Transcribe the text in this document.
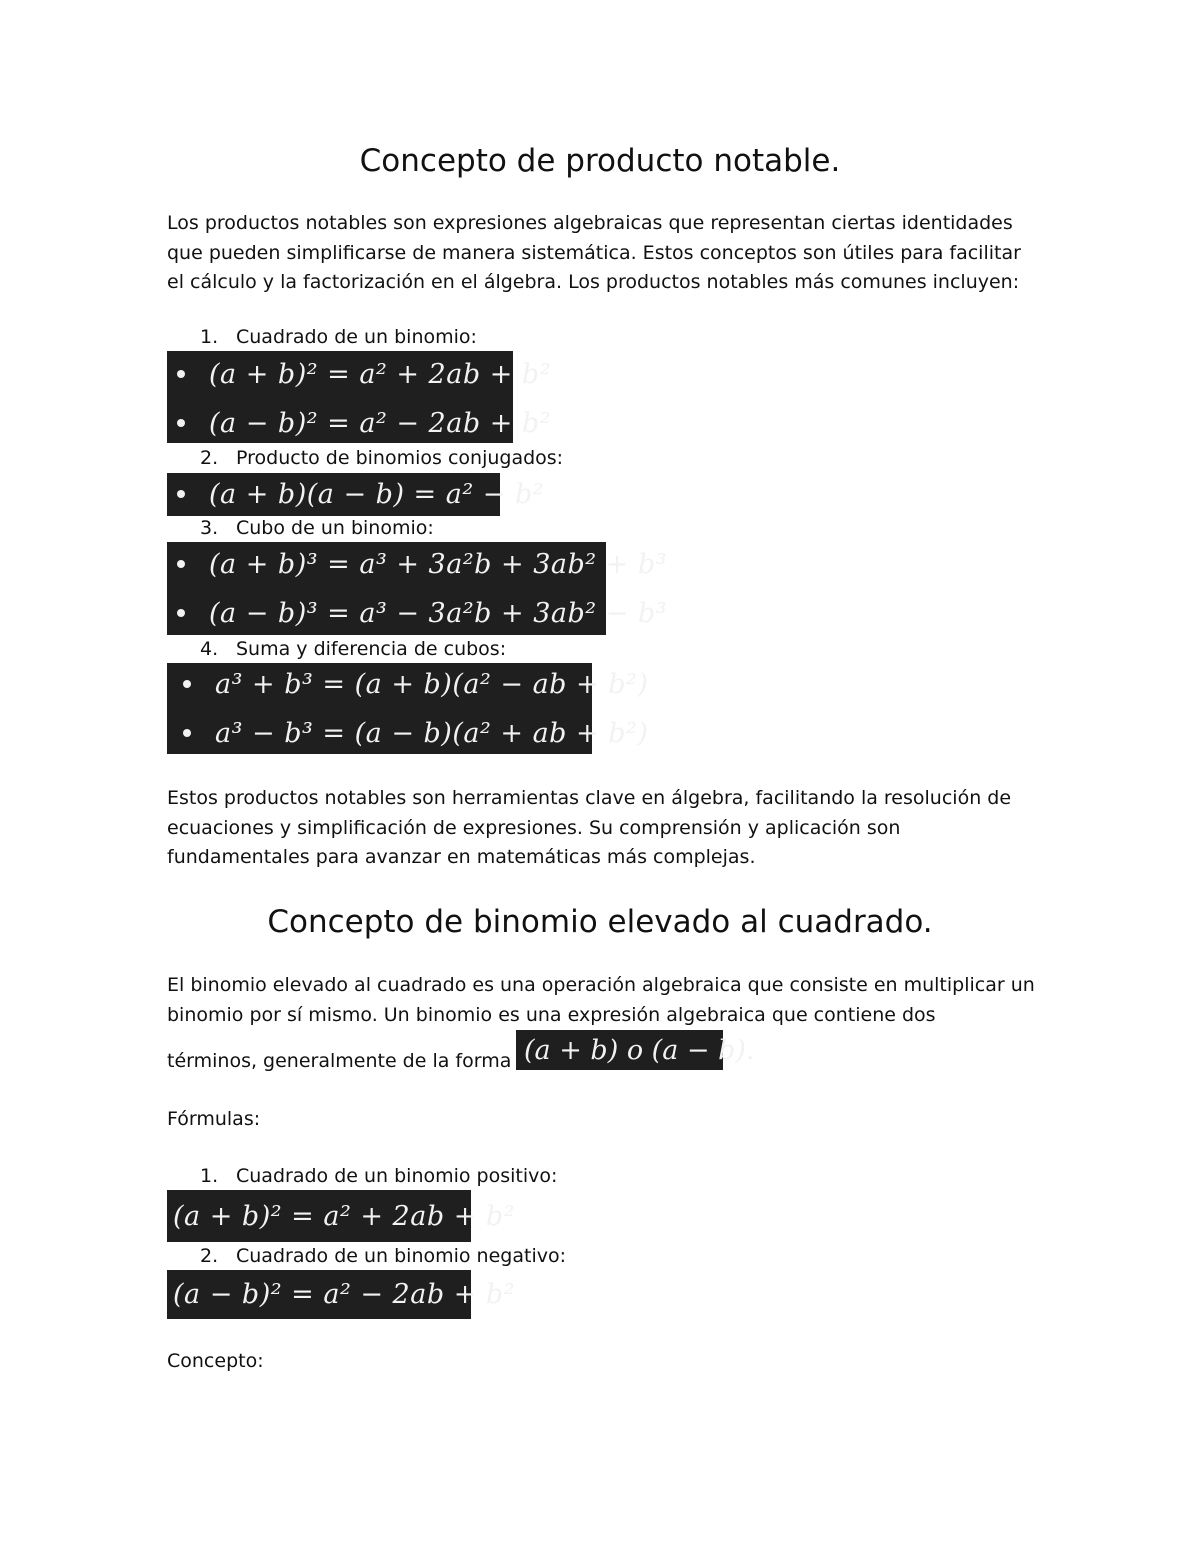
Concepto de producto notable.

Los productos notables son expresiones algebraicas que representan ciertas identidades

que pueden simplificarse de manera sistemática. Estos conceptos son útiles para facilitar

el cálculo y la factorización en el álgebra. Los productos notables más comunes incluyen:

1. Cuadrado de un binomio:
(a + b)² = a² + 2ab + b²
(a − b)² = a² − 2ab + b²
2. Producto de binomios conjugados:
(a + b)(a − b) = a² − b²
3. Cubo de un binomio:
(a + b)³ = a³ + 3a²b + 3ab² + b³
(a − b)³ = a³ − 3a²b + 3ab² − b³
4. Suma y diferencia de cubos:
a³ + b³ = (a + b)(a² − ab + b²)
a³ − b³ = (a − b)(a² + ab + b²)

Estos productos notables son herramientas clave en álgebra, facilitando la resolución de

ecuaciones y simplificación de expresiones. Su comprensión y aplicación son

fundamentales para avanzar en matemáticas más complejas.

Concepto de binomio elevado al cuadrado.

El binomio elevado al cuadrado es una operación algebraica que consiste en multiplicar un

binomio por sí mismo. Un binomio es una expresión algebraica que contiene dos

términos, generalmente de la forma (a + b) o (a − b).
Fórmulas:
1. Cuadrado de un binomio positivo:
(a + b)² = a² + 2ab + b²
2. Cuadrado de un binomio negativo:
(a − b)² = a² − 2ab + b²
Concepto:
